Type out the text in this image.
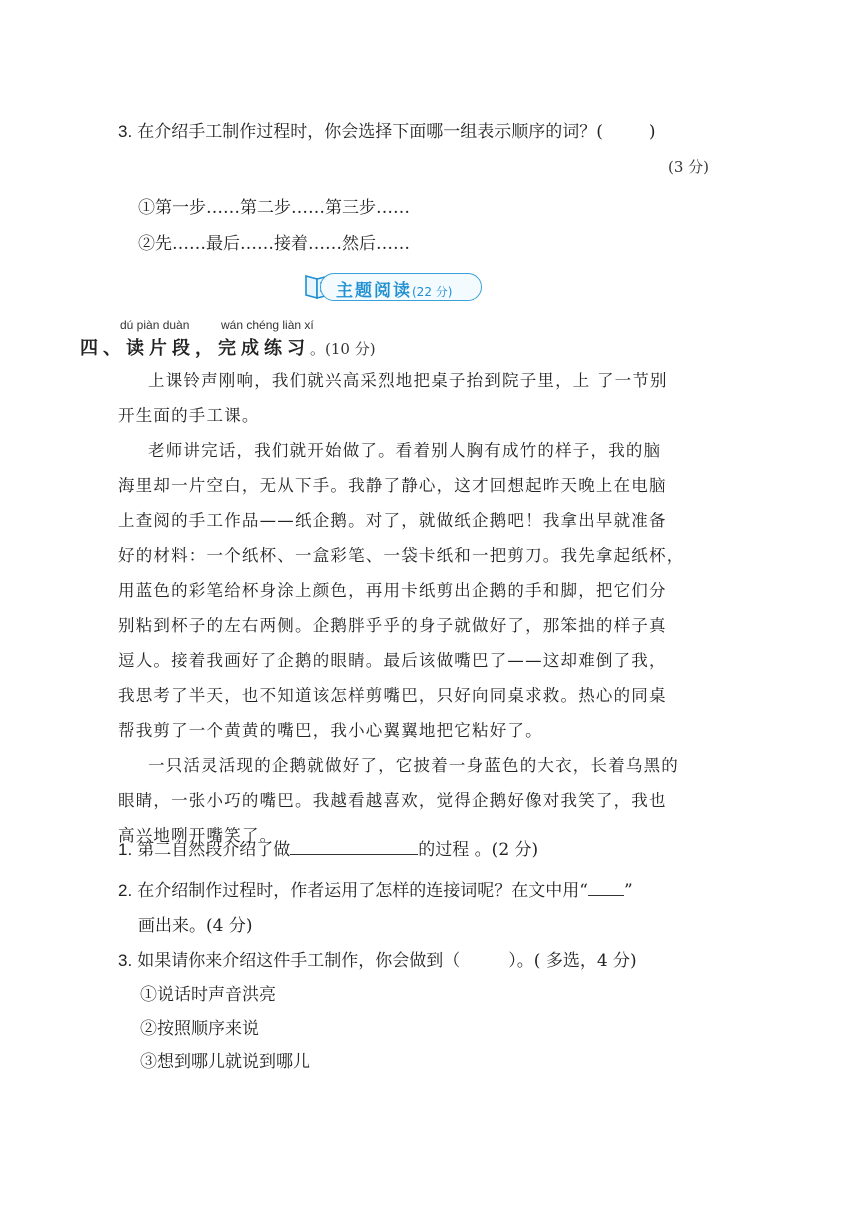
3. 在介绍手工制作过程时，你会选择下面哪一组表示顺序的词？(	)
(3 分)
①第一步……第二步……第三步……
②先……最后……接着……然后……
主题阅读(22 分)
dú piàn duàn	wán chéng liàn xí
四、读片段，完成练习。(10 分)
上课铃声刚响，我们就兴高采烈地把桌子抬到院子里，上 了一节别
开生面的手工课。
老师讲完话，我们就开始做了。看着别人胸有成竹的样子，我的脑
海里却一片空白，无从下手。我静了静心，这才回想起昨天晚上在电脑
上查阅的手工作品——纸企鹅。对了，就做纸企鹅吧！我拿出早就准备
好的材料：一个纸杯、一盒彩笔、一袋卡纸和一把剪刀。我先拿起纸杯，
用蓝色的彩笔给杯身涂上颜色，再用卡纸剪出企鹅的手和脚，把它们分
别粘到杯子的左右两侧。企鹅胖乎乎的身子就做好了，那笨拙的样子真
逗人。接着我画好了企鹅的眼睛。最后该做嘴巴了——这却难倒了我，
我思考了半天，也不知道该怎样剪嘴巴，只好向同桌求救。热心的同桌
帮我剪了一个黄黄的嘴巴，我小心翼翼地把它粘好了。
一只活灵活现的企鹅就做好了，它披着一身蓝色的大衣，长着乌黑的
眼睛，一张小巧的嘴巴。我越看越喜欢，觉得企鹅好像对我笑了，我也
高兴地咧开嘴笑了。
1. 第二自然段介绍了做	的过程 。(2 分)
2. 在介绍制作过程时，作者运用了怎样的连接词呢？在文中用“ ”
画出来。(4 分)
3. 如果请你来介绍这件手工制作，你会做到（	）。( 多选，4 分)
①说话时声音洪亮
②按照顺序来说
③想到哪儿就说到哪儿
